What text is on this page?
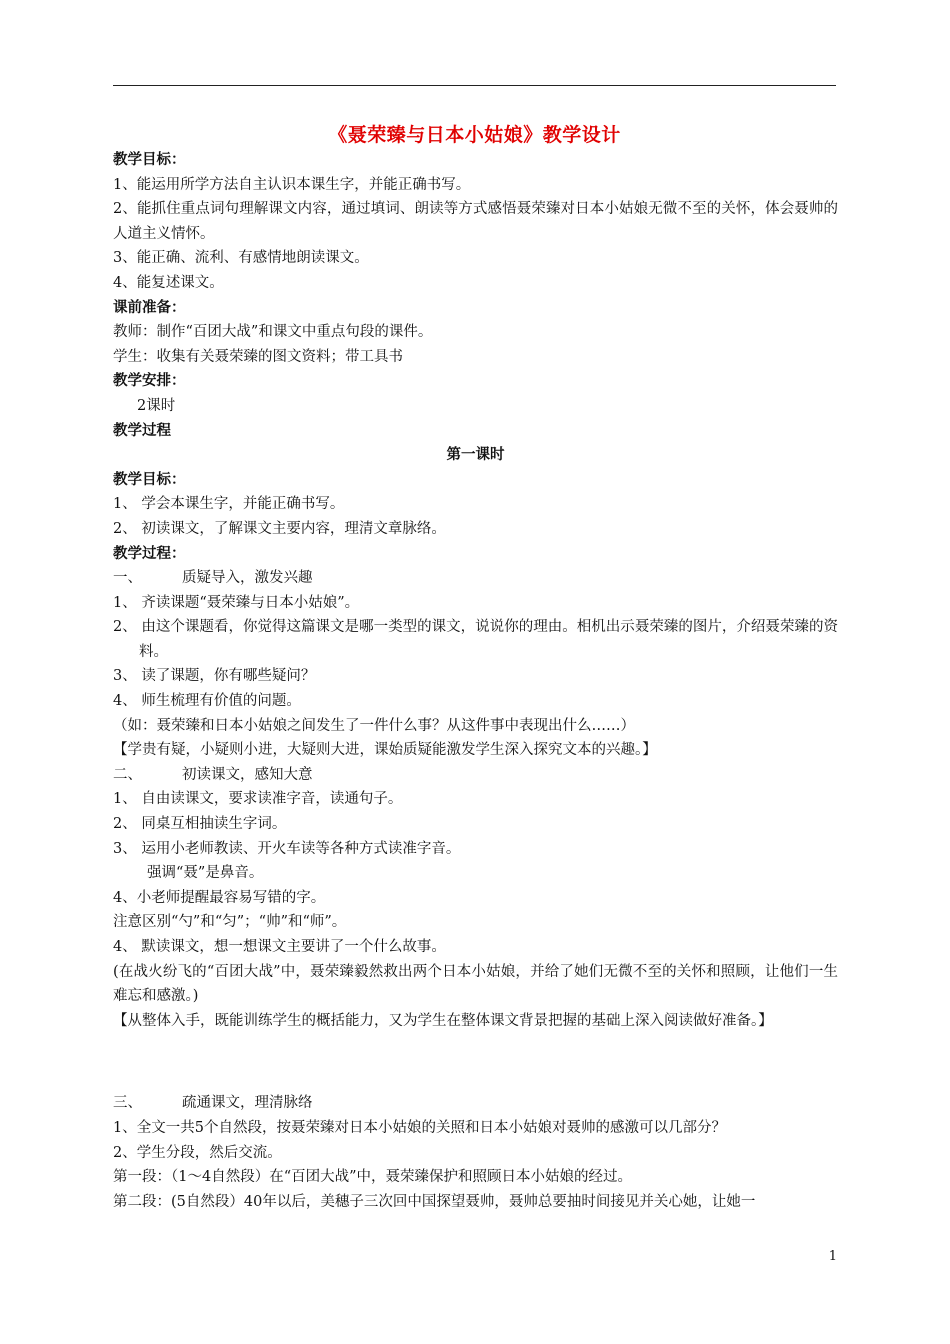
《聂荣臻与日本小姑娘》教学设计

教学目标：

1、能运用所学方法自主认识本课生字，并能正确书写。

2、能抓住重点词句理解课文内容，通过填词、朗读等方式感悟聂荣臻对日本小姑娘无微不至的关怀，体会聂帅的人道主义情怀。

3、能正确、流利、有感情地朗读课文。

4、能复述课文。

课前准备：

教师：制作“百团大战”和课文中重点句段的课件。

学生：收集有关聂荣臻的图文资料；带工具书

教学安排：

2课时

教学过程

第一课时

教学目标：

1、 学会本课生字，并能正确书写。

2、 初读课文，了解课文主要内容，理清文章脉络。

教学过程：

一、	质疑导入，激发兴趣

1、 齐读课题“聂荣臻与日本小姑娘”。

2、 由这个课题看，你觉得这篇课文是哪一类型的课文，说说你的理由。相机出示聂荣臻的图片，介绍聂荣臻的资料。

3、 读了课题，你有哪些疑问？

4、 师生梳理有价值的问题。

（如：聂荣臻和日本小姑娘之间发生了一件什么事？从这件事中表现出什么……）

【学贵有疑，小疑则小进，大疑则大进，课始质疑能激发学生深入探究文本的兴趣。】

二、	初读课文，感知大意

1、 自由读课文，要求读准字音，读通句子。

2、 同桌互相抽读生字词。

3、 运用小老师教读、开火车读等各种方式读准字音。

强调“聂”是鼻音。

4、小老师提醒最容易写错的字。

注意区别“勺”和“匀”；“帅”和“师”。

4、 默读课文，想一想课文主要讲了一个什么故事。

(在战火纷飞的“百团大战”中，聂荣臻毅然救出两个日本小姑娘，并给了她们无微不至的关怀和照顾，让他们一生难忘和感激。)

【从整体入手，既能训练学生的概括能力，又为学生在整体课文背景把握的基础上深入阅读做好准备。】

三、	疏通课文，理清脉络

1、全文一共5个自然段，按聂荣臻对日本小姑娘的关照和日本小姑娘对聂帅的感激可以几部分？

2、学生分段，然后交流。

第一段：（1～4自然段）在“百团大战”中，聂荣臻保护和照顾日本小姑娘的经过。

第二段：(5自然段）40年以后，美穗子三次回中国探望聂帅，聂帅总要抽时间接见并关心她，让她一

1
